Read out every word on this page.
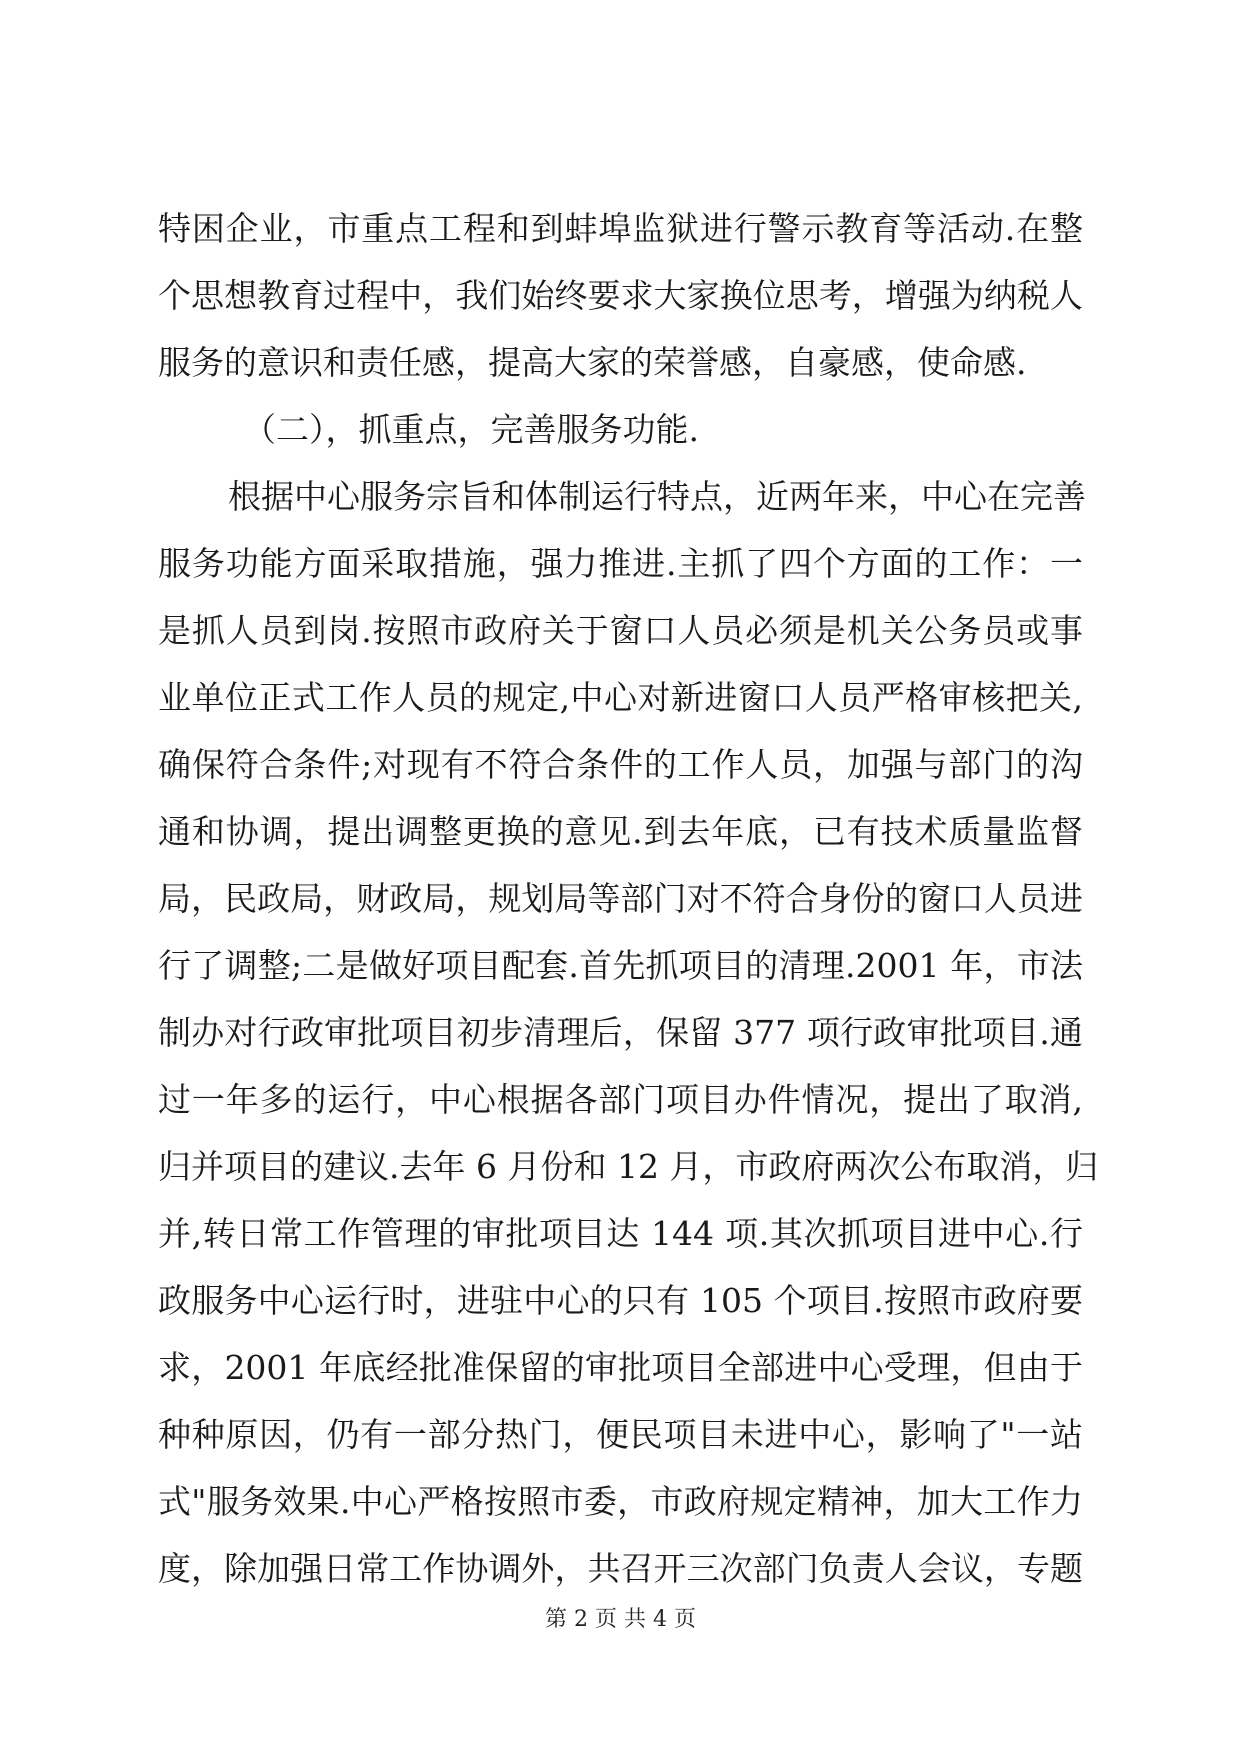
特困企业，市重点工程和到蚌埠监狱进行警示教育等活动.在整
个思想教育过程中，我们始终要求大家换位思考，增强为纳税人
服务的意识和责任感，提高大家的荣誉感，自豪感，使命感.
（二），抓重点，完善服务功能.
根据中心服务宗旨和体制运行特点，近两年来，中心在完善
服务功能方面采取措施，强力推进.主抓了四个方面的工作：一
是抓人员到岗.按照市政府关于窗口人员必须是机关公务员或事
业单位正式工作人员的规定,中心对新进窗口人员严格审核把关,
确保符合条件;对现有不符合条件的工作人员，加强与部门的沟
通和协调，提出调整更换的意见.到去年底，已有技术质量监督
局，民政局，财政局，规划局等部门对不符合身份的窗口人员进
行了调整;二是做好项目配套.首先抓项目的清理.2001 年，市法
制办对行政审批项目初步清理后，保留 377 项行政审批项目.通
过一年多的运行，中心根据各部门项目办件情况，提出了取消,
归并项目的建议.去年 6 月份和 12 月，市政府两次公布取消，归
并,转日常工作管理的审批项目达 144 项.其次抓项目进中心.行
政服务中心运行时，进驻中心的只有 105 个项目.按照市政府要
求，2001 年底经批准保留的审批项目全部进中心受理，但由于
种种原因，仍有一部分热门，便民项目未进中心，影响了"一站
式"服务效果.中心严格按照市委，市政府规定精神，加大工作力
度，除加强日常工作协调外，共召开三次部门负责人会议，专题
第 2 页 共 4 页
